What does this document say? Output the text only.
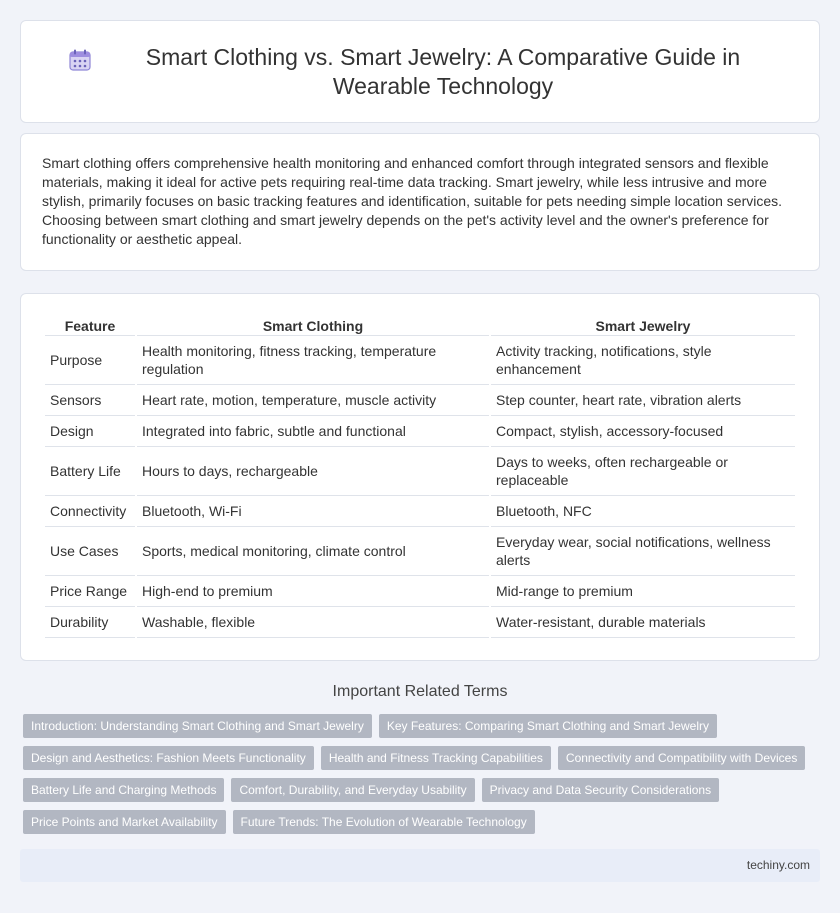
Smart Clothing vs. Smart Jewelry: A Comparative Guide in Wearable Technology

Smart clothing offers comprehensive health monitoring and enhanced comfort through integrated sensors and flexible materials, making it ideal for active pets requiring real-time data tracking. Smart jewelry, while less intrusive and more stylish, primarily focuses on basic tracking features and identification, suitable for pets needing simple location services. Choosing between smart clothing and smart jewelry depends on the pet's activity level and the owner's preference for functionality or aesthetic appeal.

Feature	Smart Clothing	Smart Jewelry
Purpose	Health monitoring, fitness tracking, temperature regulation	Activity tracking, notifications, style enhancement
Sensors	Heart rate, motion, temperature, muscle activity	Step counter, heart rate, vibration alerts
Design	Integrated into fabric, subtle and functional	Compact, stylish, accessory-focused
Battery Life	Hours to days, rechargeable	Days to weeks, often rechargeable or replaceable
Connectivity	Bluetooth, Wi-Fi	Bluetooth, NFC
Use Cases	Sports, medical monitoring, climate control	Everyday wear, social notifications, wellness alerts
Price Range	High-end to premium	Mid-range to premium
Durability	Washable, flexible	Water-resistant, durable materials
Important Related Terms
Introduction: Understanding Smart Clothing and Smart Jewelry	Key Features: Comparing Smart Clothing and Smart Jewelry
Design and Aesthetics: Fashion Meets Functionality	Health and Fitness Tracking Capabilities	Connectivity and Compatibility with Devices
Battery Life and Charging Methods	Comfort, Durability, and Everyday Usability	Privacy and Data Security Considerations
Price Points and Market Availability	Future Trends: The Evolution of Wearable Technology
techiny.com
